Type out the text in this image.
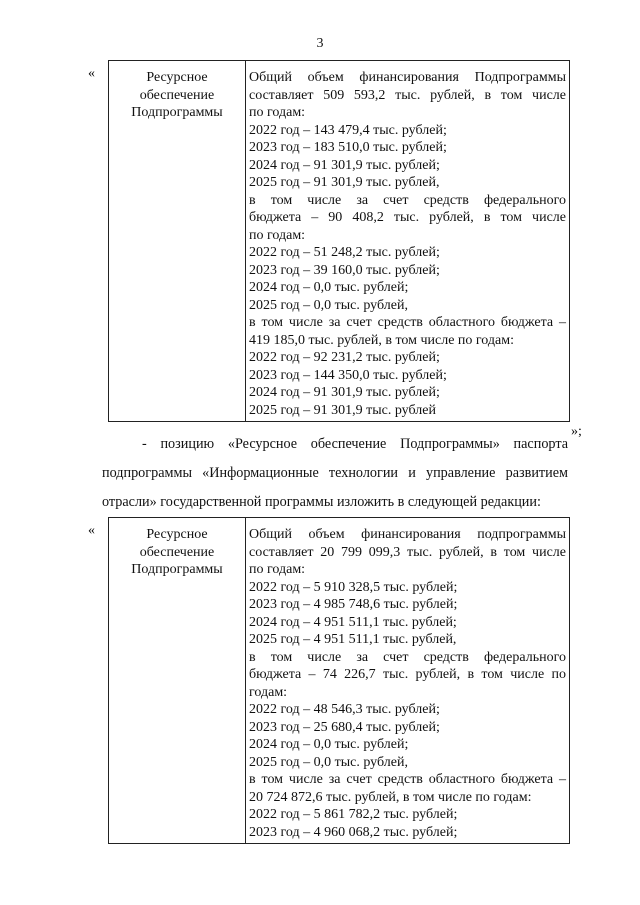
3
«	Ресурсное
обеспечение
Подпрограммы

Общий объем финансирования Подпрограммы
составляет 509 593,2 тыс. рублей, в том числе
по годам:
2022 год – 143 479,4 тыс. рублей;
2023 год – 183 510,0 тыс. рублей;
2024 год – 91 301,9 тыс. рублей;
2025 год – 91 301,9 тыс. рублей,
в том числе за счет средств федерального
бюджета – 90 408,2 тыс. рублей, в том числе
по годам:
2022 год – 51 248,2 тыс. рублей;
2023 год – 39 160,0 тыс. рублей;
2024 год – 0,0 тыс. рублей;
2025 год – 0,0 тыс. рублей,
в том числе за счет средств областного бюджета –
419 185,0 тыс. рублей, в том числе по годам:
2022 год – 92 231,2 тыс. рублей;
2023 год – 144 350,0 тыс. рублей;
2024 год – 91 301,9 тыс. рублей;
2025 год – 91 301,9 тыс. рублей
»;
- позицию «Ресурсное обеспечение Подпрограммы» паспорта
подпрограммы «Информационные технологии и управление развитием
отрасли» государственной программы изложить в следующей редакции:
«	Ресурсное
обеспечение
Подпрограммы

Общий объем финансирования подпрограммы
составляет 20 799 099,3 тыс. рублей, в том числе
по годам:
2022 год – 5 910 328,5 тыс. рублей;
2023 год – 4 985 748,6 тыс. рублей;
2024 год – 4 951 511,1 тыс. рублей;
2025 год – 4 951 511,1 тыс. рублей,
в том числе за счет средств федерального
бюджета – 74 226,7 тыс. рублей, в том числе по
годам:
2022 год – 48 546,3 тыс. рублей;
2023 год – 25 680,4 тыс. рублей;
2024 год – 0,0 тыс. рублей;
2025 год – 0,0 тыс. рублей,
в том числе за счет средств областного бюджета –
20 724 872,6 тыс. рублей, в том числе по годам:
2022 год – 5 861 782,2 тыс. рублей;
2023 год – 4 960 068,2 тыс. рублей;
